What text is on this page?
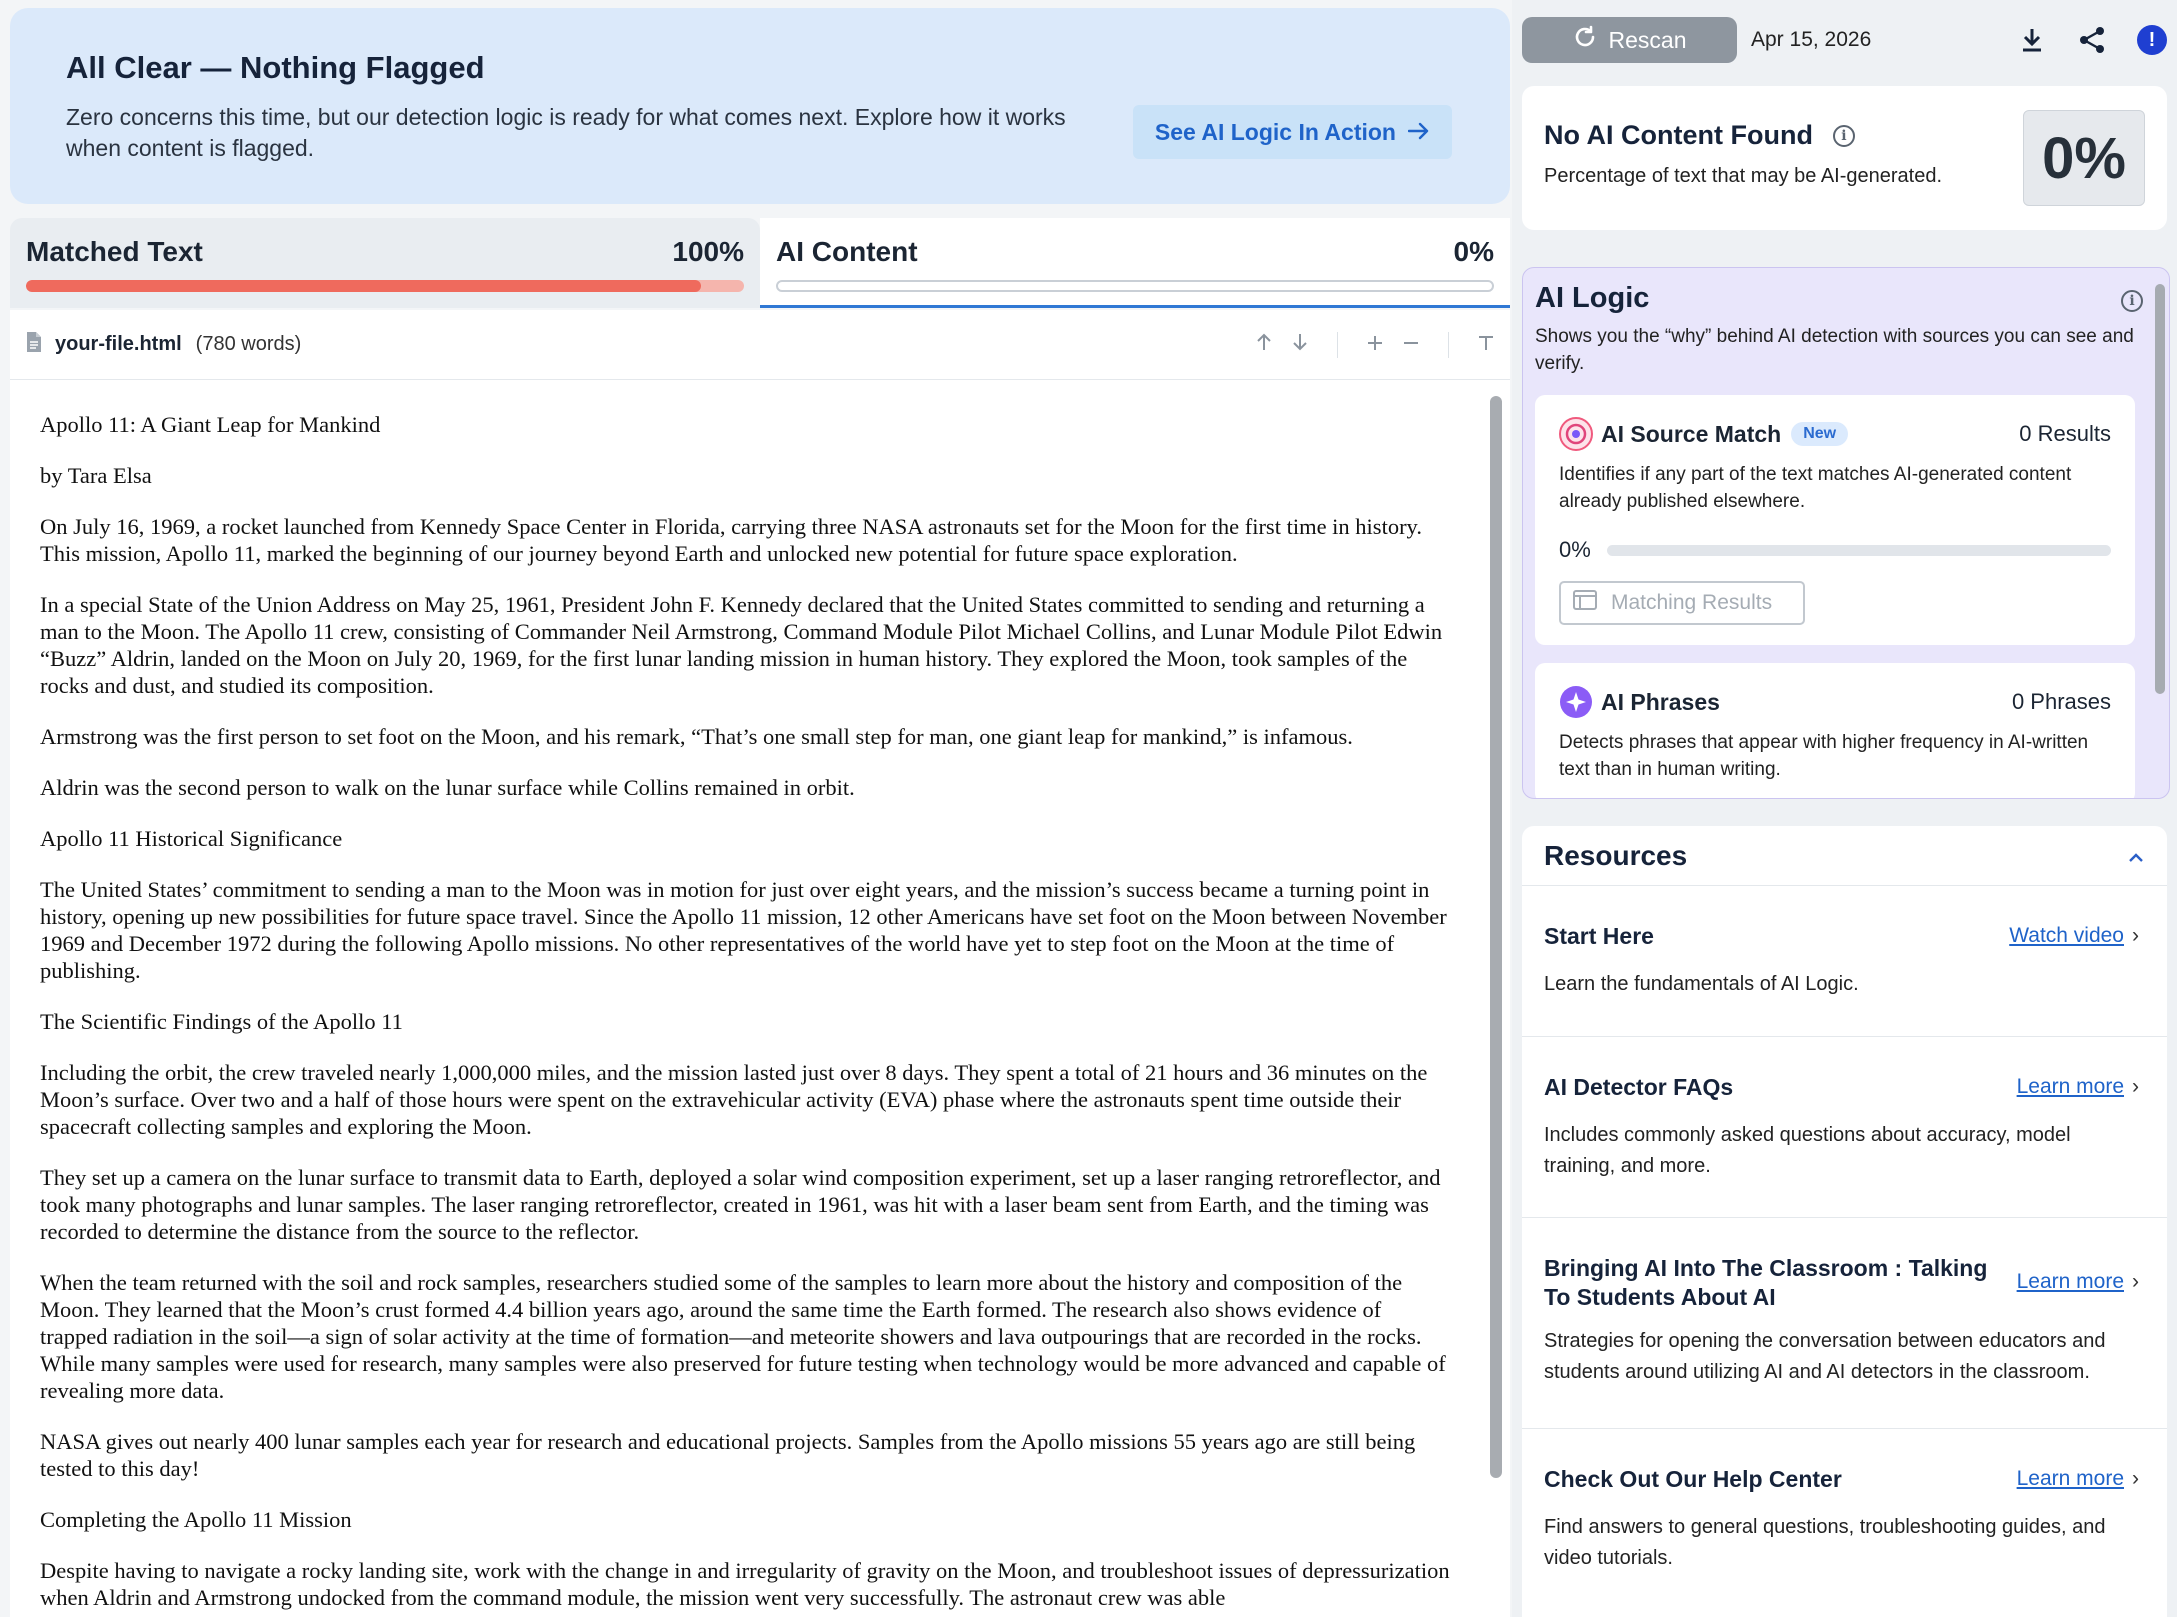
All Clear — Nothing Flagged

Zero concerns this time, but our detection logic is ready for what comes next. Explore how it works when content is flagged.

See AI Logic In Action
Matched Text	100% AI Content	0%
your-file.html (780 words)

Apollo 11: A Giant Leap for Mankind

by Tara Elsa

On July 16, 1969, a rocket launched from Kennedy Space Center in Florida, carrying three NASA astronauts set for the Moon for the first time in history. This mission, Apollo 11, marked the beginning of our journey beyond Earth and unlocked new potential for future space exploration.

In a special State of the Union Address on May 25, 1961, President John F. Kennedy declared that the United States committed to sending and returning a man to the Moon. The Apollo 11 crew, consisting of Commander Neil Armstrong, Command Module Pilot Michael Collins, and Lunar Module Pilot Edwin “Buzz” Aldrin, landed on the Moon on July 20, 1969, for the first lunar landing mission in human history. They explored the Moon, took samples of the rocks and dust, and studied its composition.

Armstrong was the first person to set foot on the Moon, and his remark, “That’s one small step for man, one giant leap for mankind,” is infamous.

Aldrin was the second person to walk on the lunar surface while Collins remained in orbit.

Apollo 11 Historical Significance

The United States’ commitment to sending a man to the Moon was in motion for just over eight years, and the mission’s success became a turning point in history, opening up new possibilities for future space travel. Since the Apollo 11 mission, 12 other Americans have set foot on the Moon between November 1969 and December 1972 during the following Apollo missions. No other representatives of the world have yet to step foot on the Moon at the time of publishing.

The Scientific Findings of the Apollo 11

Including the orbit, the crew traveled nearly 1,000,000 miles, and the mission lasted just over 8 days. They spent a total of 21 hours and 36 minutes on the Moon’s surface. Over two and a half of those hours were spent on the extravehicular activity (EVA) phase where the astronauts spent time outside their spacecraft collecting samples and exploring the Moon.

They set up a camera on the lunar surface to transmit data to Earth, deployed a solar wind composition experiment, set up a laser ranging retroreflector, and took many photographs and lunar samples. The laser ranging retroreflector, created in 1961, was hit with a laser beam sent from Earth, and the timing was recorded to determine the distance from the source to the reflector.

When the team returned with the soil and rock samples, researchers studied some of the samples to learn more about the history and composition of the Moon. They learned that the Moon’s crust formed 4.4 billion years ago, around the same time the Earth formed. The research also shows evidence of trapped radiation in the soil—a sign of solar activity at the time of formation—and meteorite showers and lava outpourings that are recorded in the rocks. While many samples were used for research, many samples were also preserved for future testing when technology would be more advanced and capable of revealing more data.

NASA gives out nearly 400 lunar samples each year for research and educational projects. Samples from the Apollo missions 55 years ago are still being tested to this day!

Completing the Apollo 11 Mission

Despite having to navigate a rocky landing site, work with the change in and irregularity of gravity on the Moon, and troubleshoot issues of depressurization when Aldrin and Armstrong undocked from the command module, the mission went very successfully. The astronaut crew was able

Rescan	Apr 15, 2026	!
No AI Content Found	i
Percentage of text that may be AI-generated.	0%
AI Logic	i
Shows you the “why” behind AI detection with sources you can see and verify.
AI Source Match	New	0 Results
Identifies if any part of the text matches AI-generated content already published elsewhere.
0%
Matching Results
AI Phrases	0 Phrases
Detects phrases that appear with higher frequency in AI-written text than in human writing.
Resources
Start Here	Watch video ›
Learn the fundamentals of AI Logic.
AI Detector FAQs	Learn more ›
Includes commonly asked questions about accuracy, model training, and more.
Bringing AI Into The Classroom : Talking To Students About AI
Learn more ›
Strategies for opening the conversation between educators and students around utilizing AI and AI detectors in the classroom.
Check Out Our Help Center	Learn more ›
Find answers to general questions, troubleshooting guides, and video tutorials.
